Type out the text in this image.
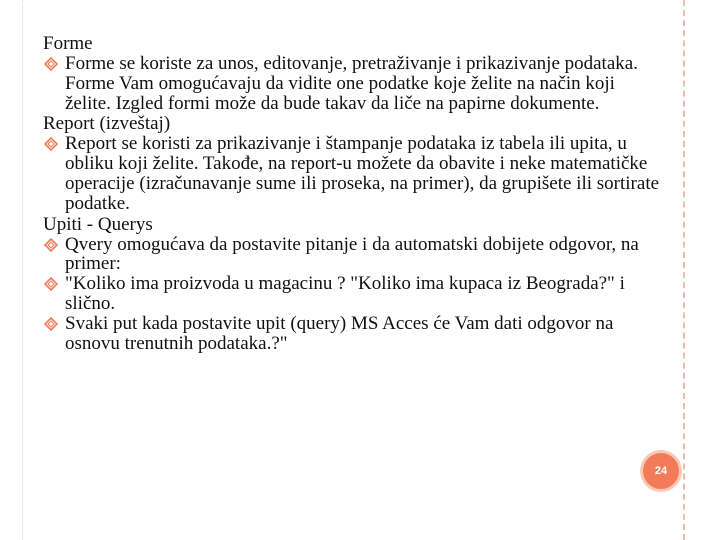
Forme
Forme se koriste za unos, editovanje, pretraživanje i prikazivanje podataka. Forme Vam omogućavaju da vidite one podatke koje želite na način koji želite. Izgled formi može da bude takav da liče na papirne dokumente.
Report (izveštaj)
Report se koristi za prikazivanje i štampanje podataka iz tabela ili upita, u obliku koji želite. Takođe, na report-u možete da obavite i neke matematičke operacije (izračunavanje sume ili proseka, na primer), da grupišete ili sortirate podatke.
Upiti - Querys
Qvery omogućava da postavite pitanje i da automatski dobijete odgovor, na primer:
"Koliko ima proizvoda u magacinu ? "Koliko ima kupaca iz Beograda?" i slično.
Svaki put kada postavite upit (query) MS Acces će Vam dati odgovor na osnovu trenutnih podataka.?"
24
